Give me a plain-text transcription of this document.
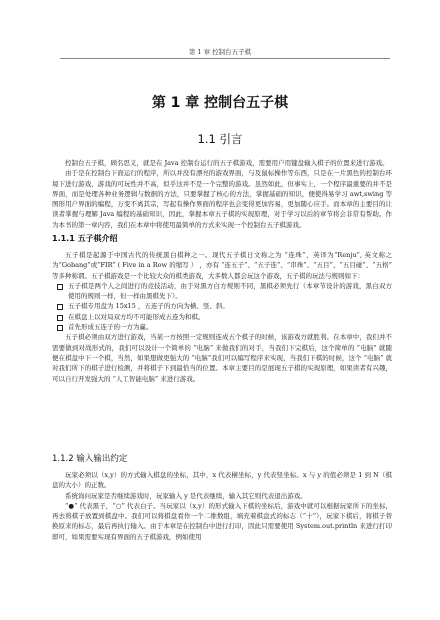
第 1 章 控制台五子棋
第 1 章 控制台五子棋
1.1 引言

控制台五子棋，顾名思义，就是在 Java 控制台运行的五子棋游戏，需要用户用键盘输入棋子的位置来进行游戏。

由于是在控制台下面运行的程序，所以并没有漂亮的游戏界面，与及鼠标操作等东西，只是在一片黑色的控制台环境下进行游戏，游戏的可玩性并不高，似乎这并不是一个完整的游戏。虽然如此，但事实上，一个程序最重要的并不是界面，而是处理各种业务逻辑与数据的方法，只要掌握了核心的方法，掌握基础的知识，便使得易学习 awt,swing 等图形用户界面的编程，万变不离其宗，写起有操作界面的程序也会变得更加容易，更加随心应手。而本章的主要目的让读者掌握与理解 Java 编程的基础知识，因此，掌握本章五子棋的实现原理，对于学习以后的章节将会非常有帮助。作为本书的第一章内容，我们在本章中将使用最简单的方式来实现一个控制台五子棋游戏。

1.1.1 五子棋介绍

五子棋是起源于中国古代的传统黑白棋种之一。现代五子棋日文称之为 “连珠”，英译为“Renju”, 英文称之为“Gobang”或“FIR” ( Five in a Row 的缩写 ） ，亦有 “连五子”、“五子连”、“串珠”、“五目”、“五目碰”、“五格” 等多种称谓。五子棋游戏是一个比较大众的棋类游戏，大多数人都会玩这个游戏，五子棋的玩法与规则如下：

五子棋是两个人之间进行的竞技活动，由于对黑方白方规则不同，黑棋必须先行（本章节设计的游戏，黑白双方使用的规则一样，但一样由黑棋先下）。
五子棋专用盘为 15x15 ，五连子的方向为横、竖、斜。
在棋盘上以对局双方均不可能形成五连为和棋。
首先形成五连子的一方为赢。

五子棋必须由双方进行游戏，当某一方按照一定规则连成五个棋子的时候，该游戏方就胜利。在本章中，我们并不需要做到对战形式的，我们可以设计一个简单的 “电脑” 来做我们的对手，当我们下完棋后，这个简单的 “电脑” 就随便在棋盘中下一个棋，当然，如果想做更强大的 “电脑”我们可以编写程序来实现，当我们下棋的时候，这个 “电脑” 就对我们所下的棋子进行检测，并将棋子下到最恰当的位置。本章主要目的是展现五子棋的实现原理，如果读者有兴趣，可以自行开发强大的 “人工智能电脑” 来进行游戏。

1.1.2 输入输出约定

玩家必须以（x,y）的方式输入棋盘的坐标，其中，x 代表横坐标，y 代表竖坐标。x 与 y 的值必须是 1 到 N（棋盘的大小）的正数。

系统询问玩家是否继续游戏时，玩家输入 y 是代表继续，输入其它则代表退出游戏。

“●” 代表黑子，“○” 代表白子。当玩家以（x,y）的形式输入下棋的坐标后，游戏中就可以根据玩家所下的坐标，再去将棋子放置到棋盘中。我们可以将棋盘看作一个二维数组，填充着棋盘式的标志（“十”），玩家下棋后，将棋子替换原来的标志，最后再执行输入。由于本章是在控制台中进行打印，因此只需要使用 System.out.println 来进行打印即可，如果需要实现有界面的五子棋游戏，例如使用
